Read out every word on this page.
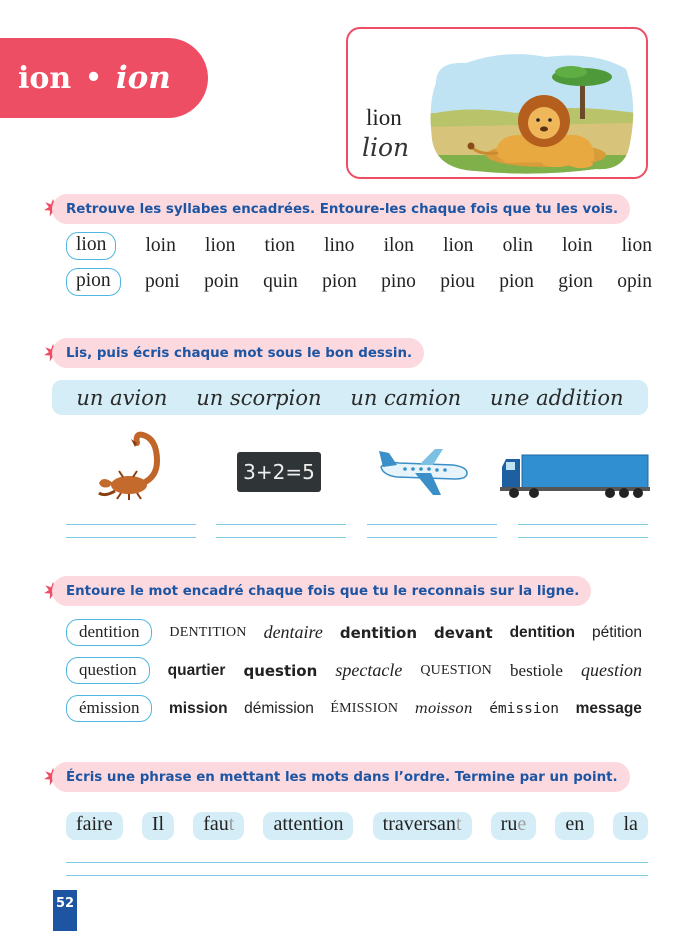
ion • ion
lion
lion
Retrouve les syllabes encadrées. Entoure-les chaque fois que tu les vois.
lion	loin lion tion lino ilon lion olin loin lion
pion	poni poin quin pion pino piou pion gion opin
Lis, puis écris chaque mot sous le bon dessin.
un avion un scorpion un camion une addition
3+2=5
Entoure le mot encadré chaque fois que tu le reconnais sur la ligne.
dentition	DENTITION dentaire dentition devant dentition pétition
question	quartier question spectacle QUESTION bestiole question
émission	mission démission ÉMISSION moisson émission message
Écris une phrase en mettant les mots dans l’ordre. Termine par un point.
faire	Il	faut	attention	traversant	rue	en	la
52
